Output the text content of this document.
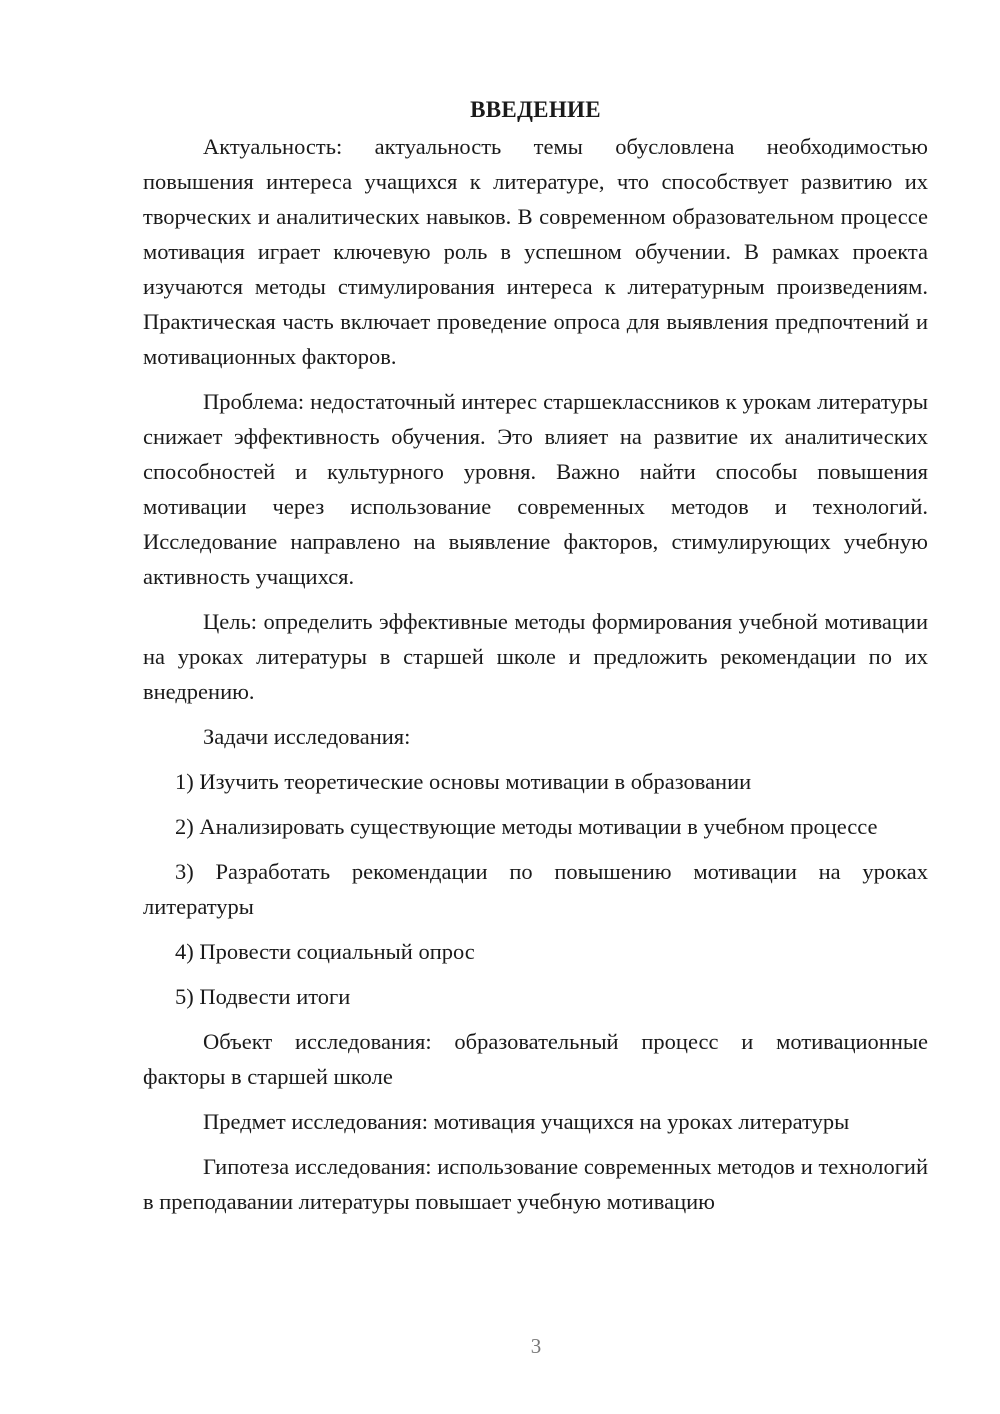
ВВЕДЕНИЕ

Актуальность: актуальность темы обусловлена необходимостью повышения интереса учащихся к литературе, что способствует развитию их творческих и аналитических навыков. В современном образовательном процессе мотивация играет ключевую роль в успешном обучении. В рамках проекта изучаются методы стимулирования интереса к литературным произведениям. Практическая часть включает проведение опроса для выявления предпочтений и мотивационных факторов.

Проблема: недостаточный интерес старшеклассников к урокам литературы снижает эффективность обучения. Это влияет на развитие их аналитических способностей и культурного уровня. Важно найти способы повышения мотивации через использование современных методов и технологий. Исследование направлено на выявление факторов, стимулирующих учебную активность учащихся.

Цель: определить эффективные методы формирования учебной мотивации на уроках литературы в старшей школе и предложить рекомендации по их внедрению.

Задачи исследования:

1) Изучить теоретические основы мотивации в образовании

2) Анализировать существующие методы мотивации в учебном процессе

3) Разработать рекомендации по повышению мотивации на уроках литературы

4) Провести социальный опрос

5) Подвести итоги

Объект исследования: образовательный процесс и мотивационные факторы в старшей школе

Предмет исследования: мотивация учащихся на уроках литературы

Гипотеза исследования: использование современных методов и технологий в преподавании литературы повышает учебную мотивацию

3
